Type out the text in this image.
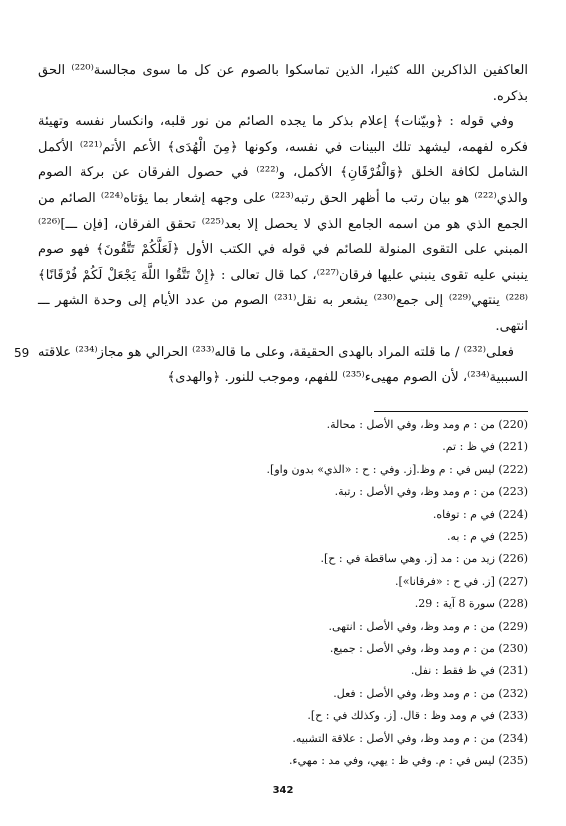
العاكفين الذاكرين الله كثيرا، الذين تماسكوا بالصوم عن كل ما سوى مجالسة⁽²²⁰⁾ الحق بذكره.

وفي قوله : ﴿وبيّنات﴾ إعلام بذكر ما يجده الصائم من نور قلبه، وانكسار نفسه وتهيئة فكره لفهمه، ليشهد تلك البينات في نفسه، وكونها ﴿مِنَ الْهُدَى﴾ الأعم الأتم⁽²²¹⁾ الأكمل الشامل لكافة الخلق ﴿وَالْفُرْقَانِ﴾ الأكمل، و⁽²²²⁾ في حصول الفرقان عن بركة الصوم والذي⁽²²²⁾ هو بيان رتب ما أظهر الحق رتبه⁽²²³⁾ على وجهه إشعار بما يؤتاه⁽²²⁴⁾ الصائم من الجمع الذي هو من اسمه الجامع الذي لا يحصل إلا بعد⁽²²⁵⁾ تحقق الفرقان، [فإن ـــ]⁽²²⁶⁾ المبني على التقوى المنولة للصائم في قوله في الكتب الأول ﴿لَعَلَّكُمْ تَتَّقُونَ﴾ فهو صوم ينبني عليه تقوى ينبني عليها فرقان⁽²²⁷⁾، كما قال تعالى : ﴿إِنْ تَتَّقُوا اللَّهَ يَجْعَلْ لَكُمْ فُرْقَانًا﴾⁽²²⁸⁾ ينتهي⁽²²⁹⁾ إلى جمع⁽²³⁰⁾ يشعر به نقل⁽²³¹⁾ الصوم من عدد الأيام إلى وحدة الشهر ـــ انتهى.

فعلى⁽²³²⁾ / ما قلته المراد بالهدى الحقيقة، وعلى ما قاله⁽²³³⁾ الحرالي هو مجاز⁽²³⁴⁾ علاقته السببية⁽²³⁴⁾، لأن الصوم مهيىء⁽²³⁵⁾ للفهم، وموجب للنور. ﴿والهدى﴾

59

(220) من : م ومد وظ، وفي الأصل : محالة.

(221) في ظ : تم.

(222) ليس في : م وظ.[ز. وفي : ح : «الذي» بدون واو].

(223) من : م ومد وظ، وفي الأصل : رتبة.

(224) في م : توفاه.

(225) في م : به.

(226) زيد من : مد [ز. وهي ساقطة في : ح].

(227) [ز. في ح : «فرقانا»].

(228) سورة 8 آية : 29.

(229) من : م ومد وظ، وفي الأصل : انتهى.

(230) من : م ومد وظ، وفي الأصل : جميع.

(231) في ظ فقط : نفل.

(232) من : م ومد وظ، وفي الأصل : فعل.

(233) في م ومد وظ : قال. [ز. وكذلك في : ح].

(234) من : م ومد وظ، وفي الأصل : علاقة التشبيه.

(235) ليس في : م. وفي ظ : يهي، وفي مد : مهيء.

342
